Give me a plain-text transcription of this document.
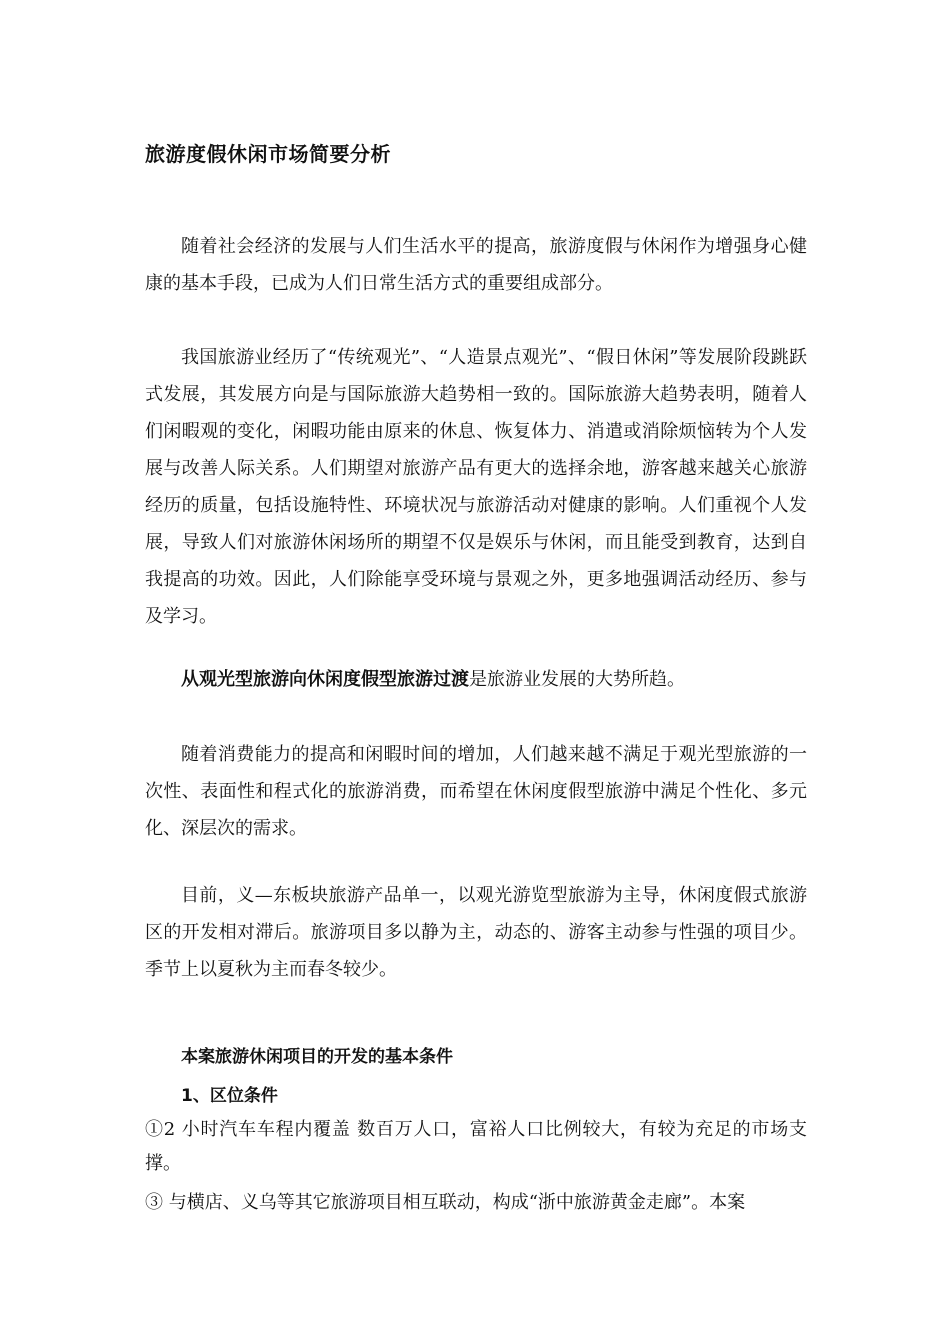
旅游度假休闲市场简要分析

随着社会经济的发展与人们生活水平的提高，旅游度假与休闲作为增强身心健康的基本手段，已成为人们日常生活方式的重要组成部分。

我国旅游业经历了“传统观光”、“人造景点观光”、“假日休闲”等发展阶段跳跃式发展，其发展方向是与国际旅游大趋势相一致的。国际旅游大趋势表明，随着人们闲暇观的变化，闲暇功能由原来的休息、恢复体力、消遣或消除烦恼转为个人发展与改善人际关系。人们期望对旅游产品有更大的选择余地，游客越来越关心旅游经历的质量，包括设施特性、环境状况与旅游活动对健康的影响。人们重视个人发展，导致人们对旅游休闲场所的期望不仅是娱乐与休闲，而且能受到教育，达到自我提高的功效。因此，人们除能享受环境与景观之外，更多地强调活动经历、参与及学习。

从观光型旅游向休闲度假型旅游过渡是旅游业发展的大势所趋。

随着消费能力的提高和闲暇时间的增加，人们越来越不满足于观光型旅游的一次性、表面性和程式化的旅游消费，而希望在休闲度假型旅游中满足个性化、多元化、深层次的需求。

目前，义—东板块旅游产品单一，以观光游览型旅游为主导，休闲度假式旅游区的开发相对滞后。旅游项目多以静为主，动态的、游客主动参与性强的项目少。季节上以夏秋为主而春冬较少。

本案旅游休闲项目的开发的基本条件
1、区位条件

①2 小时汽车车程内覆盖 数百万人口，富裕人口比例较大，有较为充足的市场支撑。

③ 与横店、义乌等其它旅游项目相互联动，构成“浙中旅游黄金走廊”。本案
